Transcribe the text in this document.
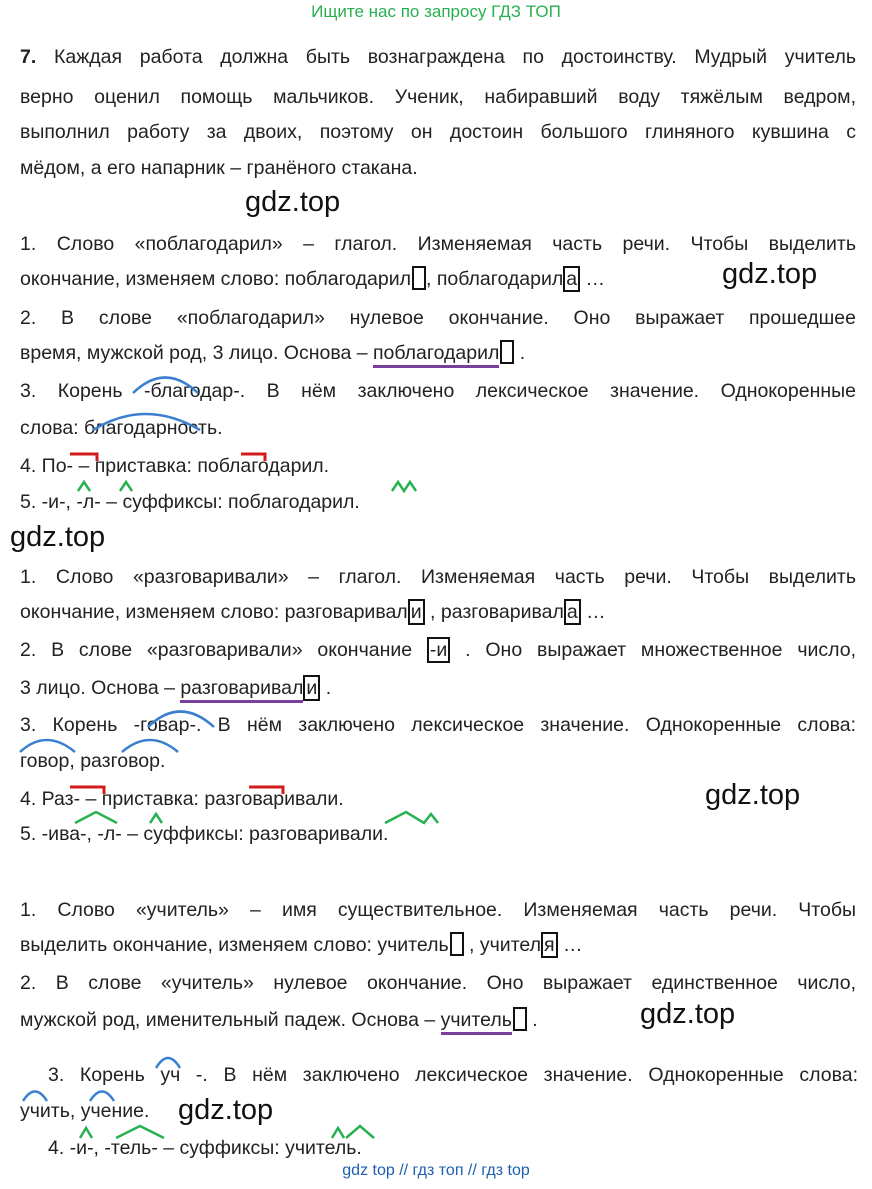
Ищите нас по запросу ГДЗ ТОП
7. Каждая работа должна быть вознаграждена по достоинству. Мудрый учитель
верно оценил помощь мальчиков. Ученик, набиравший воду тяжёлым ведром,
выполнил работу за двоих, поэтому он достоин большого глиняного кувшина с
мёдом, а его напарник – гранёного стакана.
gdz.top
1. Слово «поблагодарил» – глагол. Изменяемая часть речи. Чтобы выделить
окончание, изменяем слово: поблагодарил , поблагодарил а …	gdz.top
2. В слове «поблагодарил» нулевое окончание. Оно выражает прошедшее
время, мужской род, 3 лицо. Основа – поблагодарил .
3. Корень -благодар-. В нём заключено лексическое значение. Однокоренные
слова: благодарность.
4. По- – приставка: поблагодарил.
5. -и-, -л- – суффиксы: поблагодарил.
gdz.top
1. Слово «разговаривали» – глагол. Изменяемая часть речи. Чтобы выделить
окончание, изменяем слово: разговаривал и , разговаривал а …
2. В слове «разговаривали» окончание -и . Оно выражает множественное число,
3 лицо. Основа – разговаривал и .
3. Корень -говар-. В нём заключено лексическое значение. Однокоренные слова:
говор, разговор.
4. Раз- – приставка: разговаривали.	gdz.top
5. -ива-, -л- – суффиксы: разговаривали.
1. Слово «учитель» – имя существительное. Изменяемая часть речи. Чтобы
выделить окончание, изменяем слово: учитель , учител я …
2. В слове «учитель» нулевое окончание. Оно выражает единственное число,
мужской род, именительный падеж. Основа – учитель .	gdz.top
3. Корень уч -. В нём заключено лексическое значение. Однокоренные слова:
учить, учение. gdz.top
4. -и-, -тель- – суффиксы: учитель.
gdz top // гдз топ // гдз top
